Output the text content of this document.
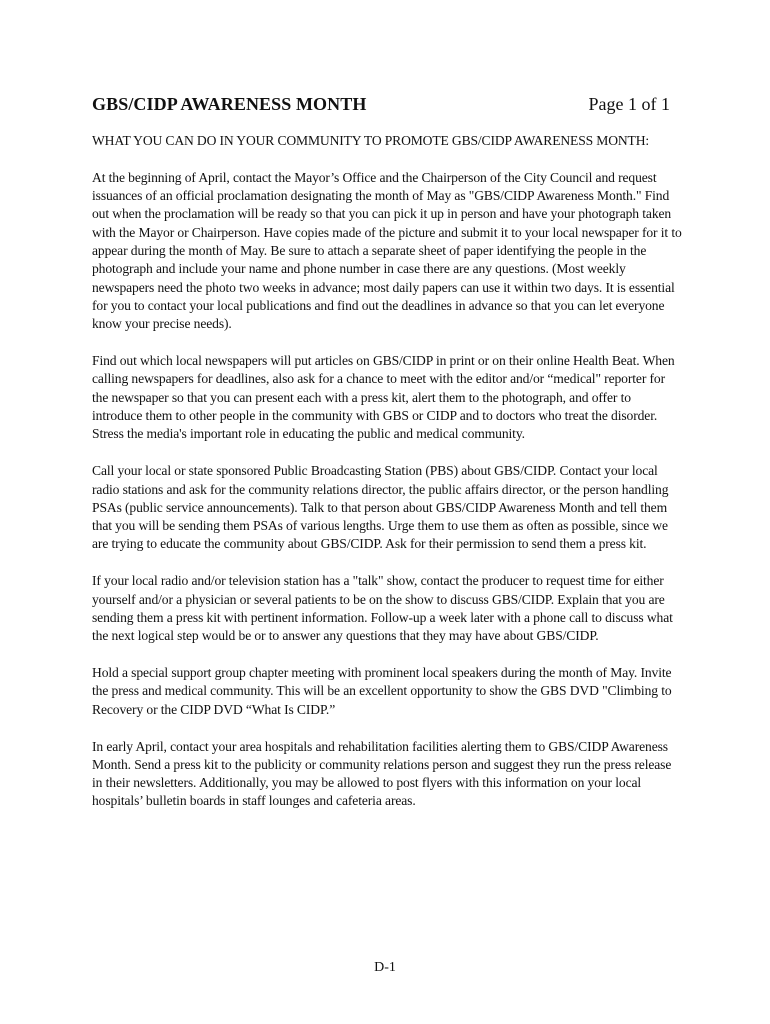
GBS/CIDP AWARENESS MONTH	Page 1 of 1
WHAT YOU CAN DO IN YOUR COMMUNITY TO PROMOTE GBS/CIDP AWARENESS MONTH:

At the beginning of April, contact the Mayor’s Office and the Chairperson of the City Council and request issuances of an official proclamation designating the month of May as "GBS/CIDP Awareness Month." Find out when the proclamation will be ready so that you can pick it up in person and have your photograph taken with the Mayor or Chairperson. Have copies made of the picture and submit it to your local newspaper for it to appear during the month of May. Be sure to attach a separate sheet of paper identifying the people in the photograph and include your name and phone number in case there are any questions. (Most weekly newspapers need the photo two weeks in advance; most daily papers can use it within two days. It is essential for you to contact your local publications and find out the deadlines in advance so that you can let everyone know your precise needs).

Find out which local newspapers will put articles on GBS/CIDP in print or on their online Health Beat. When calling newspapers for deadlines, also ask for a chance to meet with the editor and/or “medical" reporter for the newspaper so that you can present each with a press kit, alert them to the photograph, and offer to introduce them to other people in the community with GBS or CIDP and to doctors who treat the disorder. Stress the media's important role in educating the public and medical community.

Call your local or state sponsored Public Broadcasting Station (PBS) about GBS/CIDP. Contact your local radio stations and ask for the community relations director, the public affairs director, or the person handling PSAs (public service announcements). Talk to that person about GBS/CIDP Awareness Month and tell them that you will be sending them PSAs of various lengths. Urge them to use them as often as possible, since we are trying to educate the community about GBS/CIDP. Ask for their permission to send them a press kit.

If your local radio and/or television station has a "talk" show, contact the producer to request time for either yourself and/or a physician or several patients to be on the show to discuss GBS/CIDP. Explain that you are sending them a press kit with pertinent information. Follow-up a week later with a phone call to discuss what the next logical step would be or to answer any questions that they may have about GBS/CIDP.

Hold a special support group chapter meeting with prominent local speakers during the month of May. Invite the press and medical community. This will be an excellent opportunity to show the GBS DVD "Climbing to Recovery or the CIDP DVD “What Is CIDP.”

In early April, contact your area hospitals and rehabilitation facilities alerting them to GBS/CIDP Awareness Month. Send a press kit to the publicity or community relations person and suggest they run the press release in their newsletters. Additionally, you may be allowed to post flyers with this information on your local hospitals’ bulletin boards in staff lounges and cafeteria areas.

D-1
